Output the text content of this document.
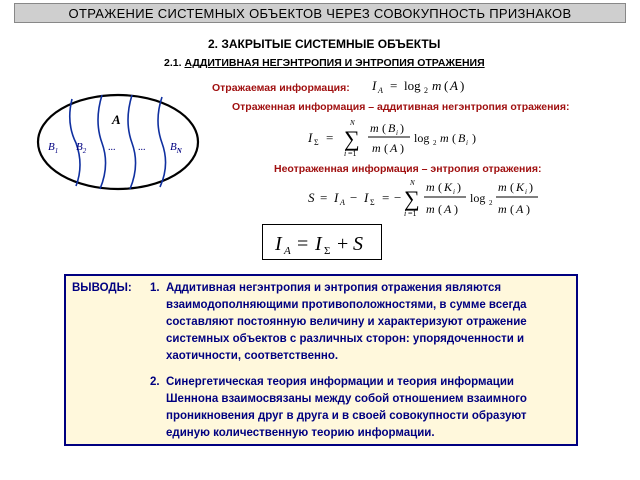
ОТРАЖЕНИЕ СИСТЕМНЫХ ОБЪЕКТОВ ЧЕРЕЗ СОВОКУПНОСТЬ ПРИЗНАКОВ
2. ЗАКРЫТЫЕ СИСТЕМНЫЕ ОБЪЕКТЫ
2.1. АДДИТИВНАЯ НЕГЭНТРОПИЯ И ЭНТРОПИЯ ОТРАЖЕНИЯ
A
$B_1$ $B_2$ ... ... $B_N$
Отражаемая информация: I A = log 2 m ( A )
Отраженная информация – аддитивная негэнтропия отражения:
I Σ = ∑
N
i =1
m ( B i )
m ( A )
log 2 m ( B i )
Неотраженная информация – энтропия отражения:
S = I A − I Σ = − ∑
N
i =1
m ( K i )
m ( A )
log 2
m ( K i )
m ( A )
I A = I Σ + S
ВЫВОДЫ: 1. Аддитивная негэнтропия и энтропия отражения являются
взаимодополняющими противоположностями, в сумме всегда
составляют постоянную величину и характеризуют отражение
системных объектов с различных сторон: упорядоченности и
хаотичности, соответственно.
2. Синергетическая теория информации и теория информации
Шеннона взаимосвязаны между собой отношением взаимного
проникновения друг в друга и в своей совокупности образуют
единую количественную теорию информации.
